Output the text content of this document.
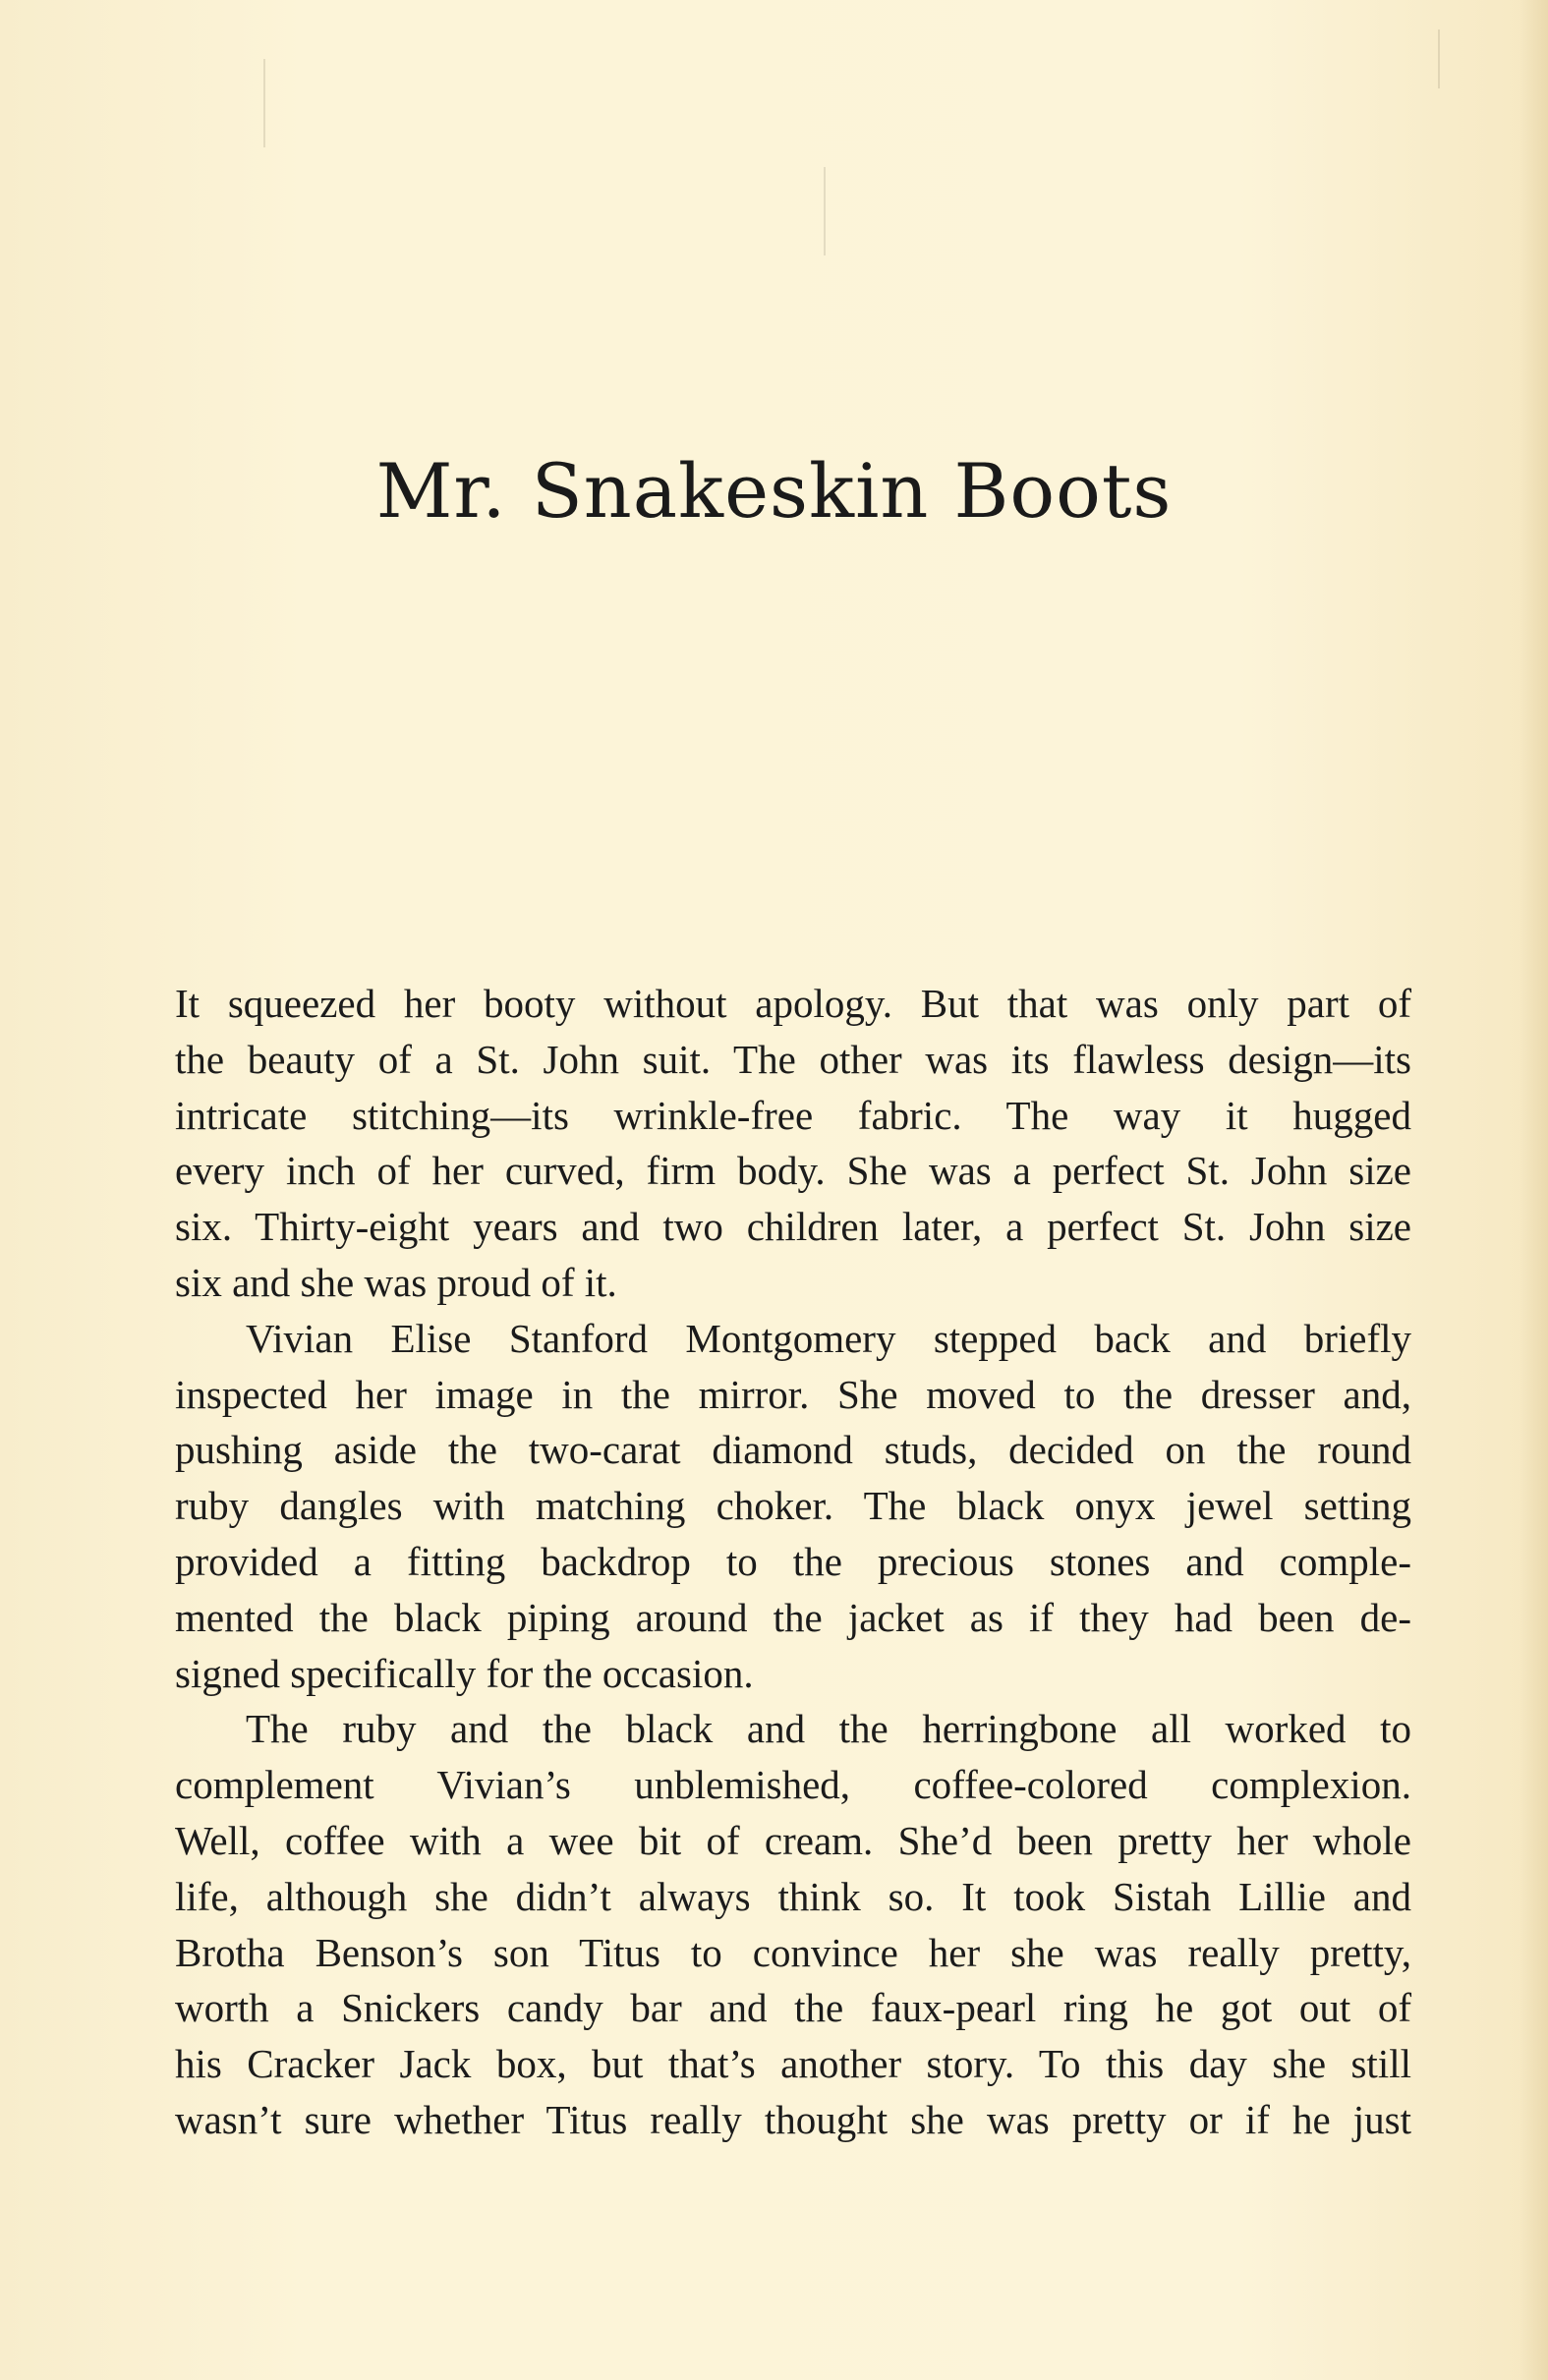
Mr. Snakeskin Boots
It squeezed her booty without apology. But that was only part of
the beauty of a St. John suit. The other was its flawless design—its
intricate stitching—its wrinkle-free fabric. The way it hugged
every inch of her curved, firm body. She was a perfect St. John size
six. Thirty-eight years and two children later, a perfect St. John size
six and she was proud of it.
Vivian Elise Stanford Montgomery stepped back and briefly
inspected her image in the mirror. She moved to the dresser and,
pushing aside the two-carat diamond studs, decided on the round
ruby dangles with matching choker. The black onyx jewel setting
provided a fitting backdrop to the precious stones and comple-
mented the black piping around the jacket as if they had been de-
signed specifically for the occasion.
The ruby and the black and the herringbone all worked to
complement Vivian’s unblemished, coffee-colored complexion.
Well, coffee with a wee bit of cream. She’d been pretty her whole
life, although she didn’t always think so. It took Sistah Lillie and
Brotha Benson’s son Titus to convince her she was really pretty,
worth a Snickers candy bar and the faux-pearl ring he got out of
his Cracker Jack box, but that’s another story. To this day she still
wasn’t sure whether Titus really thought she was pretty or if he just
